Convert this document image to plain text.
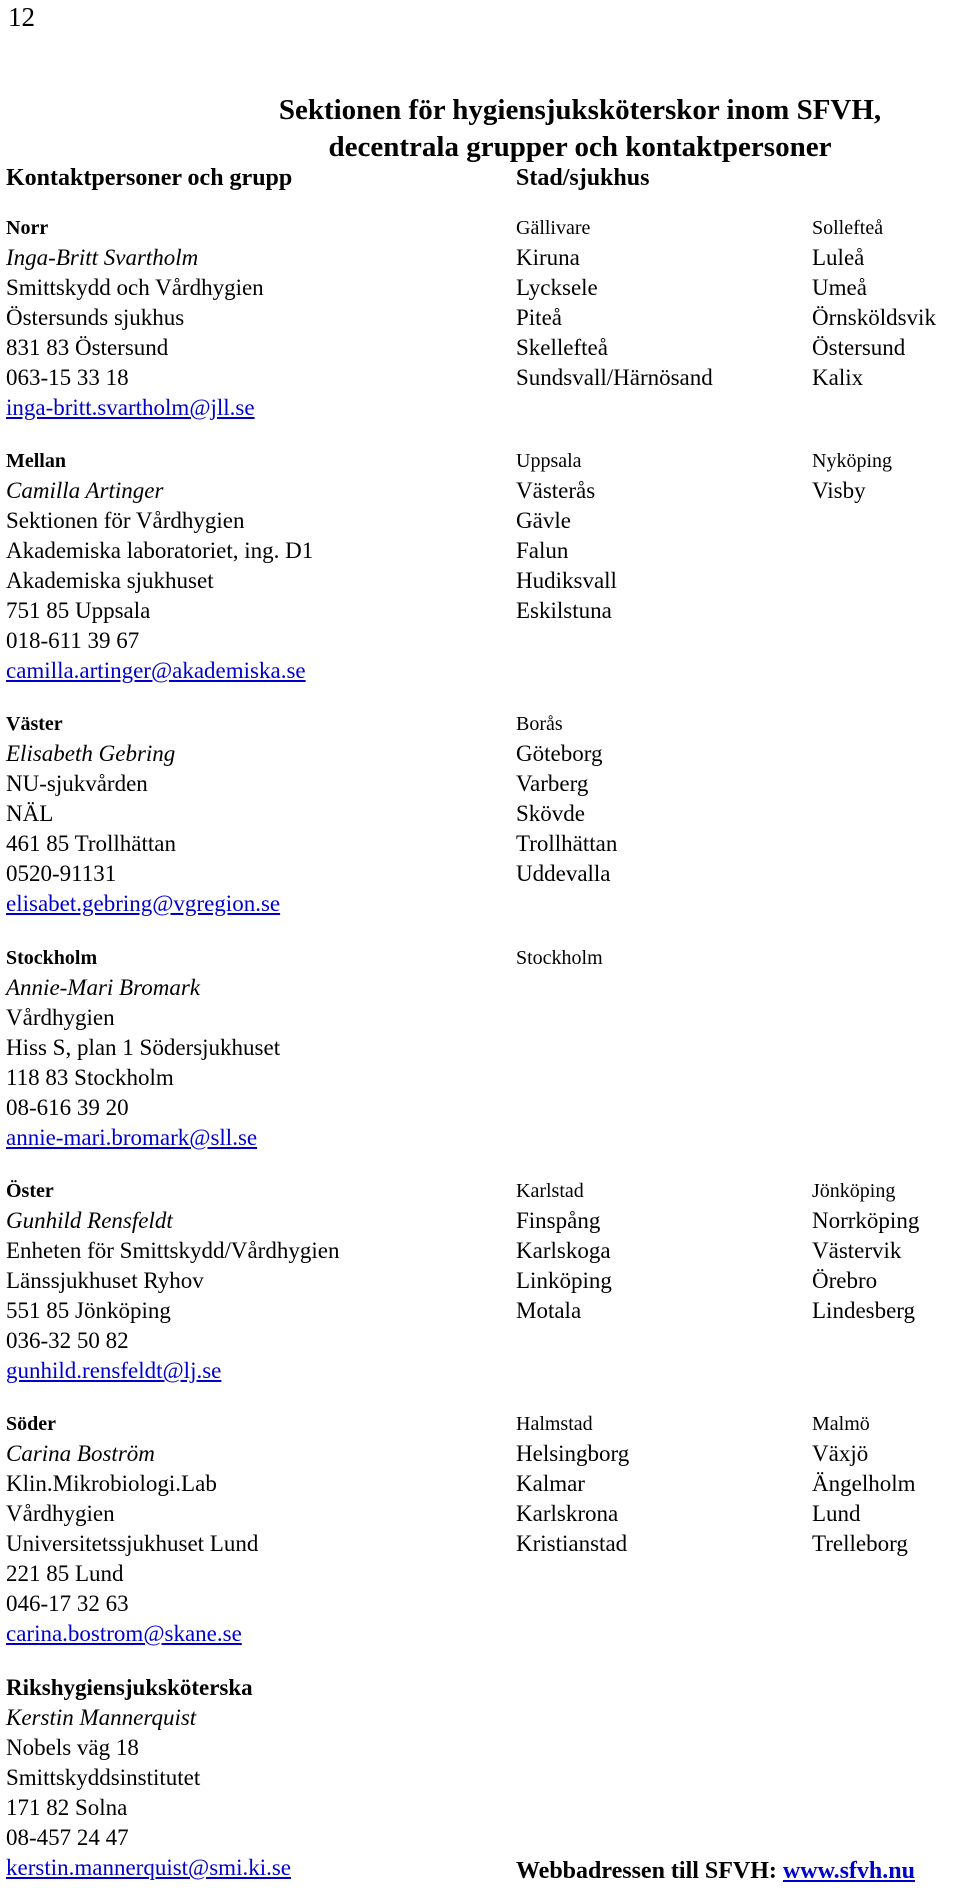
12
Sektionen för hygiensjuksköterskor inom SFVH,
decentrala grupper och kontaktpersoner
Kontaktpersoner och grupp	Stad/sjukhus
Norr
Inga-Britt Svartholm
Smittskydd och Vårdhygien
Östersunds sjukhus
831 83 Östersund
063-15 33 18
inga-britt.svartholm@jll.se
Gällivare
Kiruna
Lycksele
Piteå
Skellefteå
Sundsvall/Härnösand
Sollefteå
Luleå
Umeå
Örnsköldsvik
Östersund
Kalix
Mellan
Camilla Artinger
Sektionen för Vårdhygien
Akademiska laboratoriet, ing. D1
Akademiska sjukhuset
751 85 Uppsala
018-611 39 67
camilla.artinger@akademiska.se
Uppsala
Västerås
Gävle
Falun
Hudiksvall
Eskilstuna
Nyköping
Visby
Väster
Elisabeth Gebring
NU-sjukvården
NÄL
461 85 Trollhättan
0520-91131
elisabet.gebring@vgregion.se
Borås
Göteborg
Varberg
Skövde
Trollhättan
Uddevalla
Stockholm
Annie-Mari Bromark
Vårdhygien
Hiss S, plan 1 Södersjukhuset
118 83 Stockholm
08-616 39 20
annie-mari.bromark@sll.se
Stockholm
Öster
Gunhild Rensfeldt
Enheten för Smittskydd/Vårdhygien
Länssjukhuset Ryhov
551 85 Jönköping
036-32 50 82
gunhild.rensfeldt@lj.se
Karlstad
Finspång
Karlskoga
Linköping
Motala
Jönköping
Norrköping
Västervik
Örebro
Lindesberg
Söder
Carina Boström
Klin.Mikrobiologi.Lab
Vårdhygien
Universitetssjukhuset Lund
221 85 Lund
046-17 32 63
carina.bostrom@skane.se
Halmstad
Helsingborg
Kalmar
Karlskrona
Kristianstad
Malmö
Växjö
Ängelholm
Lund
Trelleborg
Rikshygiensjuksköterska
Kerstin Mannerquist
Nobels väg 18
Smittskyddsinstitutet
171 82 Solna
08-457 24 47
kerstin.mannerquist@smi.ki.se	Webbadressen till SFVH: www.sfvh.nu
